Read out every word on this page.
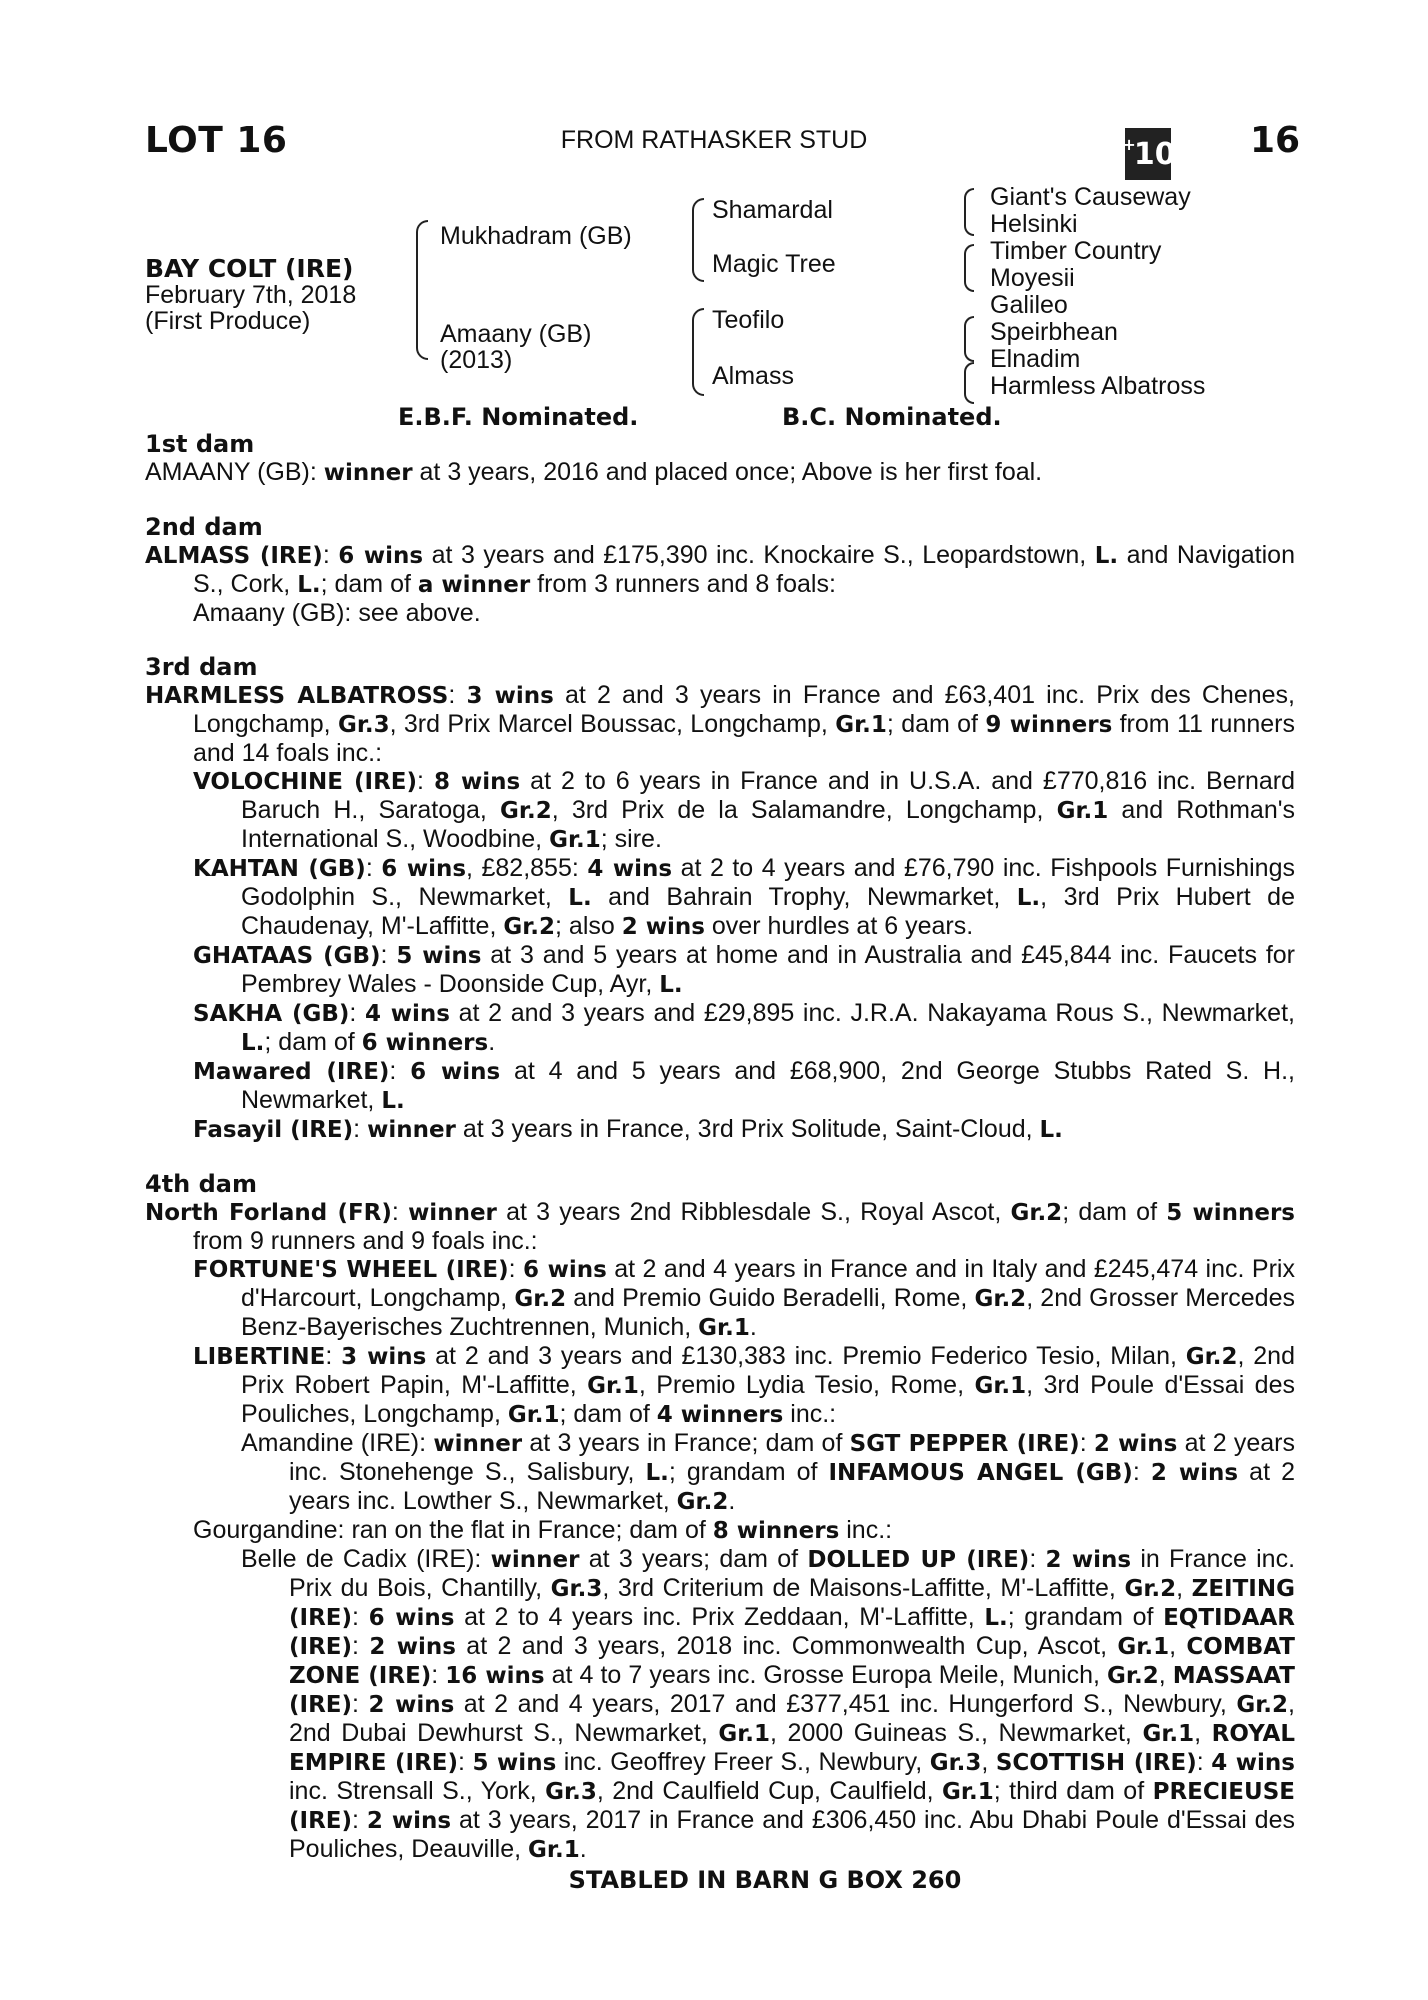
LOT 16	FROM RATHASKER STUD	+
10 16
BAY COLT (IRE)
February 7th, 2018
(First Produce)
Mukhadram (GB)
Amaany (GB)
(2013)
Shamardal
Magic Tree
Teofilo
Almass
Giant's Causeway
Helsinki
Timber Country
Moyesii
Galileo
Speirbhean
Elnadim
Harmless Albatross
E.B.F. Nominated.	B.C. Nominated.
1st dam
AMAANY (GB): winner at 3 years, 2016 and placed once; Above is her first foal.
2nd dam
ALMASS (IRE): 6 wins at 3 years and £175,390 inc. Knockaire S., Leopardstown, L. and Navigation S., Cork, L.; dam of a winner from 3 runners and 8 foals:
Amaany (GB): see above.
3rd dam
HARMLESS ALBATROSS: 3 wins at 2 and 3 years in France and £63,401 inc. Prix des Chenes, Longchamp, Gr.3, 3rd Prix Marcel Boussac, Longchamp, Gr.1; dam of 9 winners from 11 runners and 14 foals inc.:
VOLOCHINE (IRE): 8 wins at 2 to 6 years in France and in U.S.A. and £770,816 inc. Bernard Baruch H., Saratoga, Gr.2, 3rd Prix de la Salamandre, Longchamp, Gr.1 and Rothman's International S., Woodbine, Gr.1; sire.
KAHTAN (GB): 6 wins, £82,855: 4 wins at 2 to 4 years and £76,790 inc. Fishpools Furnishings Godolphin S., Newmarket, L. and Bahrain Trophy, Newmarket, L., 3rd Prix Hubert de Chaudenay, M'-Laffitte, Gr.2; also 2 wins over hurdles at 6 years.
GHATAAS (GB): 5 wins at 3 and 5 years at home and in Australia and £45,844 inc. Faucets for Pembrey Wales - Doonside Cup, Ayr, L.
SAKHA (GB): 4 wins at 2 and 3 years and £29,895 inc. J.R.A. Nakayama Rous S., Newmarket, L.; dam of 6 winners.
Mawared (IRE): 6 wins at 4 and 5 years and £68,900, 2nd George Stubbs Rated S. H., Newmarket, L.
Fasayil (IRE): winner at 3 years in France, 3rd Prix Solitude, Saint-Cloud, L.
4th dam
North Forland (FR): winner at 3 years 2nd Ribblesdale S., Royal Ascot, Gr.2; dam of 5 winners from 9 runners and 9 foals inc.:
FORTUNE'S WHEEL (IRE): 6 wins at 2 and 4 years in France and in Italy and £245,474 inc. Prix d'Harcourt, Longchamp, Gr.2 and Premio Guido Beradelli, Rome, Gr.2, 2nd Grosser Mercedes Benz-Bayerisches Zuchtrennen, Munich, Gr.1.
LIBERTINE: 3 wins at 2 and 3 years and £130,383 inc. Premio Federico Tesio, Milan, Gr.2, 2nd Prix Robert Papin, M'-Laffitte, Gr.1, Premio Lydia Tesio, Rome, Gr.1, 3rd Poule d'Essai des Pouliches, Longchamp, Gr.1; dam of 4 winners inc.:
Amandine (IRE): winner at 3 years in France; dam of SGT PEPPER (IRE): 2 wins at 2 years inc. Stonehenge S., Salisbury, L.; grandam of INFAMOUS ANGEL (GB): 2 wins at 2 years inc. Lowther S., Newmarket, Gr.2.
Gourgandine: ran on the flat in France; dam of 8 winners inc.:
Belle de Cadix (IRE): winner at 3 years; dam of DOLLED UP (IRE): 2 wins in France inc. Prix du Bois, Chantilly, Gr.3, 3rd Criterium de Maisons-Laffitte, M'-Laffitte, Gr.2, ZEITING (IRE): 6 wins at 2 to 4 years inc. Prix Zeddaan, M'-Laffitte, L.; grandam of EQTIDAAR (IRE): 2 wins at 2 and 3 years, 2018 inc. Commonwealth Cup, Ascot, Gr.1, COMBAT ZONE (IRE): 16 wins at 4 to 7 years inc. Grosse Europa Meile, Munich, Gr.2, MASSAAT (IRE): 2 wins at 2 and 4 years, 2017 and £377,451 inc. Hungerford S., Newbury, Gr.2, 2nd Dubai Dewhurst S., Newmarket, Gr.1, 2000 Guineas S., Newmarket, Gr.1, ROYAL EMPIRE (IRE): 5 wins inc. Geoffrey Freer S., Newbury, Gr.3, SCOTTISH (IRE): 4 wins inc. Strensall S., York, Gr.3, 2nd Caulfield Cup, Caulfield, Gr.1; third dam of PRECIEUSE (IRE): 2 wins at 3 years, 2017 in France and £306,450 inc. Abu Dhabi Poule d'Essai des Pouliches, Deauville, Gr.1.
STABLED IN BARN G BOX 260
